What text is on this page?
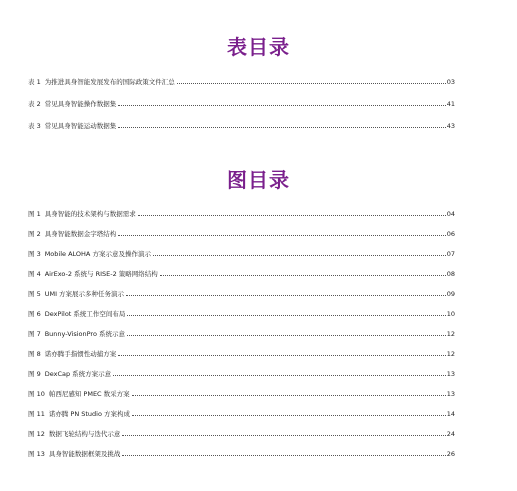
表目录
表 1 为推进具身智能发展发布的国际政策文件汇总	03
表 2 常见具身智能操作数据集	41
表 3 常见具身智能运动数据集	43
图目录
图 1 具身智能的技术架构与数据需求	04
图 2 具身智能数据金字塔结构	06
图 3 Mobile ALOHA 方案示意及操作演示	07
图 4 AirExo-2 系统与 RISE-2 策略网络结构	08
图 5 UMI 方案展示多种任务演示	09
图 6 DexPilot 系统工作空间布局	10
图 7 Bunny-VisionPro 系统示意	12
图 8 诺亦腾手指惯性动捕方案	12
图 9 DexCap 系统方案示意	13
图 10 帕西尼感知 PMEC 数采方案	13
图 11 诺亦腾 PN Studio 方案构成	14
图 12 数据飞轮结构与迭代示意	24
图 13 具身智能数据框架及挑战	26
